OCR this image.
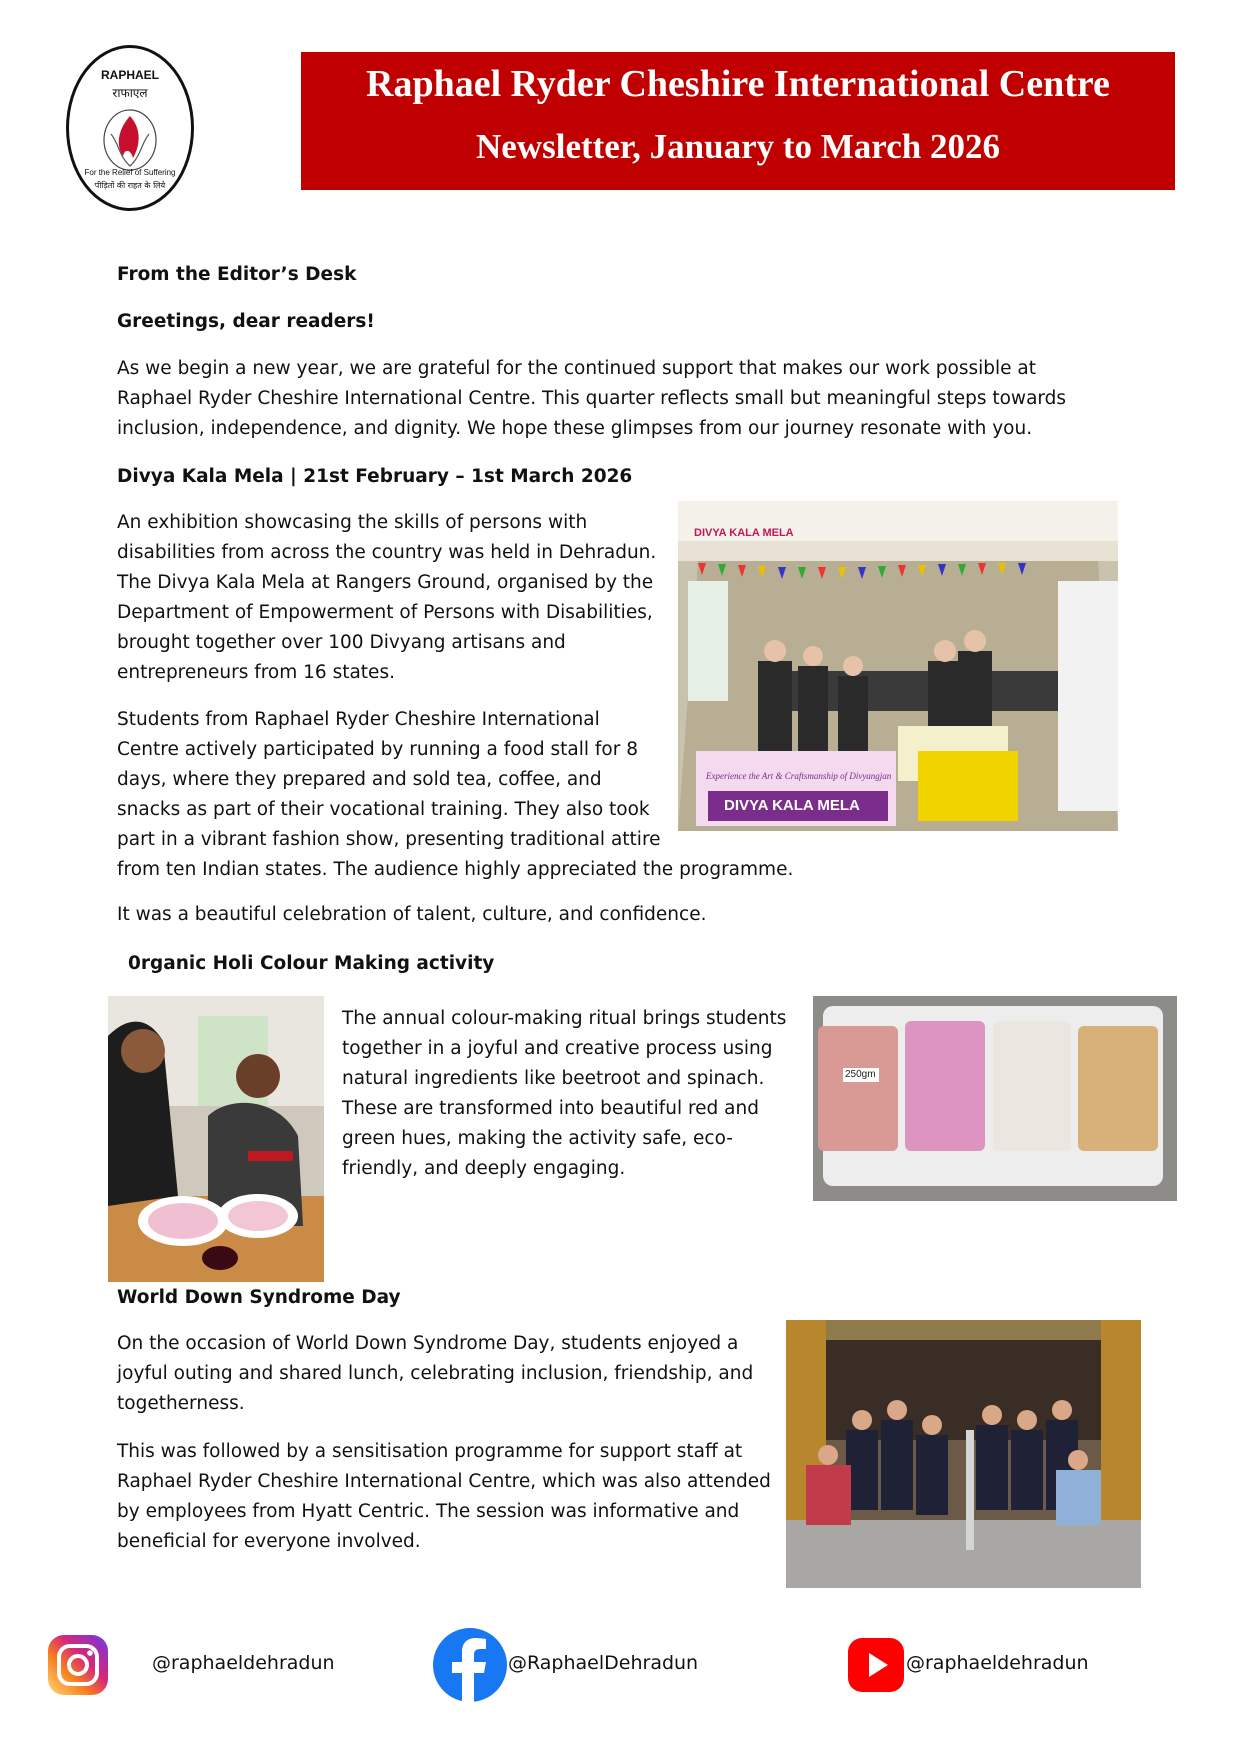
RAPHAEL
राफाएल
For the Relief of Suffering
पीड़ितों की राहत के लिये
Raphael Ryder Cheshire International Centre
Newsletter, January to March 2026
From the Editor’s Desk
Greetings, dear readers!
As we begin a new year, we are grateful for the continued support that makes our work possible at
Raphael Ryder Cheshire International Centre. This quarter reflects small but meaningful steps towards
inclusion, independence, and dignity. We hope these glimpses from our journey resonate with you.
Divya Kala Mela | 21st February – 1st March 2026
An exhibition showcasing the skills of persons with
disabilities from across the country was held in Dehradun.
The Divya Kala Mela at Rangers Ground, organised by the
Department of Empowerment of Persons with Disabilities,
brought together over 100 Divyang artisans and
entrepreneurs from 16 states.
Students from Raphael Ryder Cheshire International
Centre actively participated by running a food stall for 8
days, where they prepared and sold tea, coffee, and
snacks as part of their vocational training. They also took
part in a vibrant fashion show, presenting traditional attire
from ten Indian states. The audience highly appreciated the programme.
It was a beautiful celebration of talent, culture, and confidence.
DIVYA KALA MELA
Experience the Art & Craftsmanship of Divyangjan
DIVYA KALA MELA
0rganic Holi Colour Making activity
The annual colour-making ritual brings students
together in a joyful and creative process using
natural ingredients like beetroot and spinach.
These are transformed into beautiful red and
green hues, making the activity safe, eco-
friendly, and deeply engaging.
250gm
World Down Syndrome Day
On the occasion of World Down Syndrome Day, students enjoyed a
joyful outing and shared lunch, celebrating inclusion, friendship, and
togetherness.
This was followed by a sensitisation programme for support staff at
Raphael Ryder Cheshire International Centre, which was also attended
by employees from Hyatt Centric. The session was informative and
beneficial for everyone involved.
@raphaeldehradun	@RaphaelDehradun	@raphaeldehradun
